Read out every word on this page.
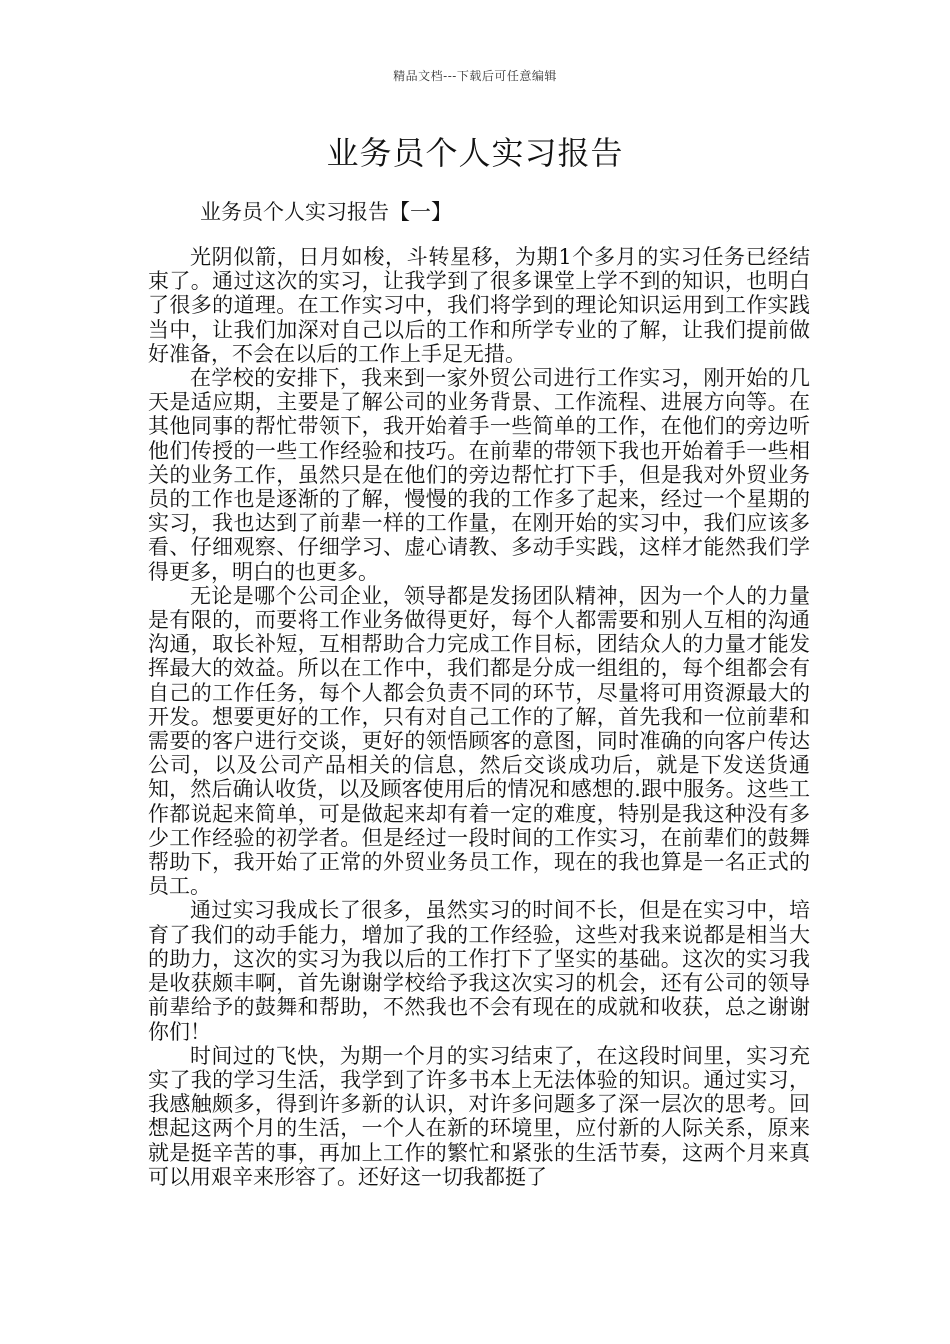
精品文档---下载后可任意编辑
业务员个人实习报告

业务员个人实习报告【一】

光阴似箭，日月如梭，斗转星移，为期1个多月的实习任务已经结束了。通过这次的实习，让我学到了很多课堂上学不到的知识，也明白了很多的道理。在工作实习中，我们将学到的理论知识运用到工作实践当中，让我们加深对自己以后的工作和所学专业的了解，让我们提前做好准备，不会在以后的工作上手足无措。

在学校的安排下，我来到一家外贸公司进行工作实习，刚开始的几天是适应期，主要是了解公司的业务背景、工作流程、进展方向等。在其他同事的帮忙带领下，我开始着手一些简单的工作，在他们的旁边听他们传授的一些工作经验和技巧。在前辈的带领下我也开始着手一些相关的业务工作，虽然只是在他们的旁边帮忙打下手，但是我对外贸业务员的工作也是逐渐的了解，慢慢的我的工作多了起来，经过一个星期的实习，我也达到了前辈一样的工作量，在刚开始的实习中，我们应该多看、仔细观察、仔细学习、虚心请教、多动手实践，这样才能然我们学得更多，明白的也更多。

无论是哪个公司企业，领导都是发扬团队精神，因为一个人的力量是有限的，而要将工作业务做得更好，每个人都需要和别人互相的沟通沟通，取长补短，互相帮助合力完成工作目标，团结众人的力量才能发挥最大的效益。所以在工作中，我们都是分成一组组的，每个组都会有自己的工作任务，每个人都会负责不同的环节，尽量将可用资源最大的开发。想要更好的工作，只有对自己工作的了解，首先我和一位前辈和需要的客户进行交谈，更好的领悟顾客的意图，同时准确的向客户传达公司，以及公司产品相关的信息，然后交谈成功后，就是下发送货通知，然后确认收货，以及顾客使用后的情况和感想的.跟中服务。这些工作都说起来简单，可是做起来却有着一定的难度，特别是我这种没有多少工作经验的初学者。但是经过一段时间的工作实习，在前辈们的鼓舞帮助下，我开始了正常的外贸业务员工作，现在的我也算是一名正式的员工。

通过实习我成长了很多，虽然实习的时间不长，但是在实习中，培育了我们的动手能力，增加了我的工作经验，这些对我来说都是相当大的助力，这次的实习为我以后的工作打下了坚实的基础。这次的实习我是收获颇丰啊，首先谢谢学校给予我这次实习的机会，还有公司的领导前辈给予的鼓舞和帮助，不然我也不会有现在的成就和收获，总之谢谢你们！

时间过的飞快，为期一个月的实习结束了，在这段时间里，实习充实了我的学习生活，我学到了许多书本上无法体验的知识。通过实习，我感触颇多，得到许多新的认识，对许多问题多了深一层次的思考。回想起这两个月的生活，一个人在新的环境里，应付新的人际关系，原来就是挺辛苦的事，再加上工作的繁忙和紧张的生活节奏，这两个月来真可以用艰辛来形容了。还好这一切我都挺了
